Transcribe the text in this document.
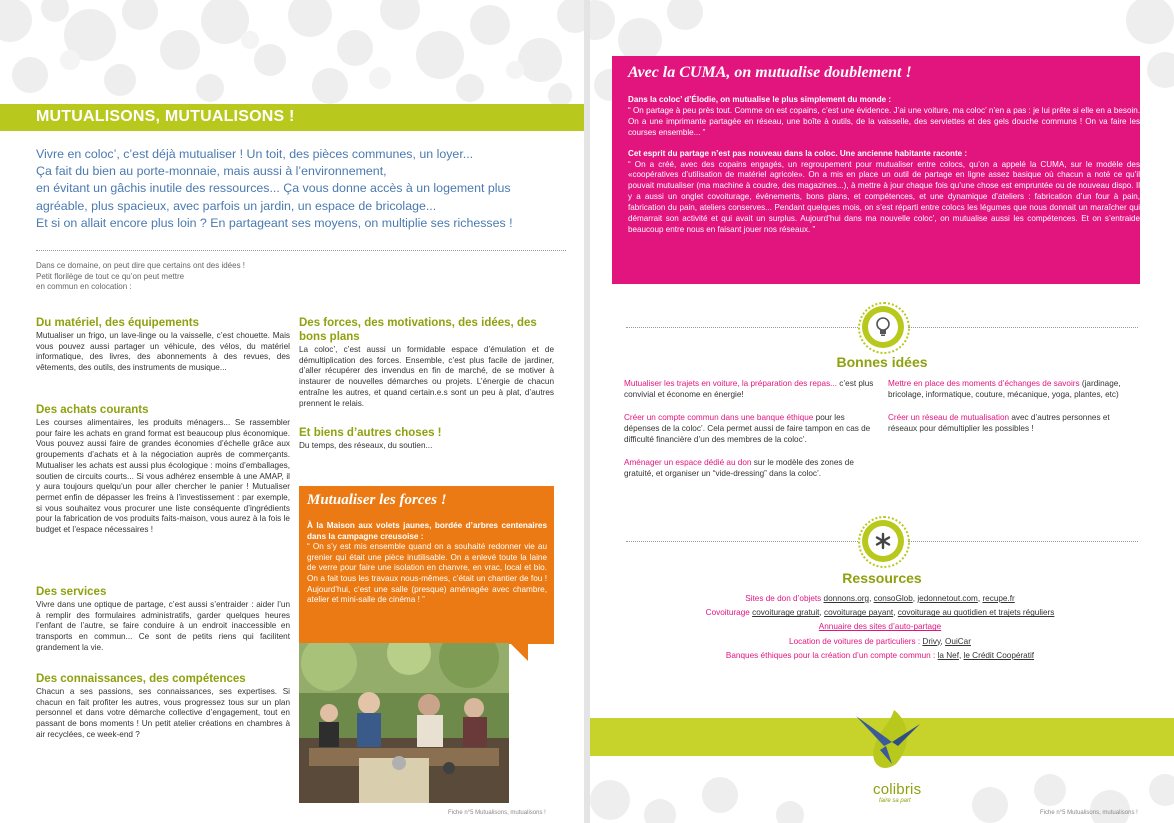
MUTUALISONS, MUTUALISONS !

Vivre en coloc’, c’est déjà mutualiser ! Un toit, des pièces communes, un loyer...

Ça fait du bien au porte-monnaie, mais aussi à l’environnement,

en évitant un gâchis inutile des ressources... Ça vous donne accès à un logement plus

agréable, plus spacieux, avec parfois un jardin, un espace de bricolage...

Et si on allait encore plus loin ? En partageant ses moyens, on multiplie ses richesses !

Dans ce domaine, on peut dire que certains ont des idées !

Petit florilège de tout ce qu’on peut mettre

en commun en colocation :

Du matériel, des équipements

Mutualiser un frigo, un lave-linge ou la vaisselle, c’est chouette. Mais vous pouvez aussi partager un véhicule, des vélos, du matériel informatique, des livres, des abonnements à des revues, des vêtements, des outils, des instruments de musique...

Des achats courants

Les courses alimentaires, les produits ménagers... Se rassembler pour faire les achats en grand format est beaucoup plus économique. Vous pouvez aussi faire de grandes économies d’échelle grâce aux groupements d’achats et à la négociation auprès de commerçants. Mutualiser les achats est aussi plus écologique : moins d’emballages, soutien de circuits courts... Si vous adhérez ensemble à une AMAP, il y aura toujours quelqu’un pour aller chercher le panier ! Mutualiser permet enfin de dépasser les freins à l’investissement : par exemple, si vous souhaitez vous procurer une liste conséquente d’ingrédients pour la fabrication de vos produits faits-maison, vous aurez à la fois le budget et l’espace nécessaires !

Des services

Vivre dans une optique de partage, c’est aussi s’entraider : aider l’un à remplir des formulaires administratifs, garder quelques heures l’enfant de l’autre, se faire conduire à un endroit inaccessible en transports en commun... Ce sont de petits riens qui facilitent grandement la vie.

Des connaissances, des compétences

Chacun a ses passions, ses connaissances, ses expertises. Si chacun en fait profiter les autres, vous progressez tous sur un plan personnel et dans votre démarche collective d’engagement, tout en passant de bons moments ! Un petit atelier créations en chambres à air recyclées, ce week-end ?

Des forces, des motivations, des idées, des bons plans

La coloc’, c’est aussi un formidable espace d’émulation et de démultiplication des forces. Ensemble, c’est plus facile de jardiner, d’aller récupérer des invendus en fin de marché, de se motiver à instaurer de nouvelles démarches ou projets. L’énergie de chacun entraîne les autres, et quand certain.e.s sont un peu à plat, d’autres prennent le relais.

Et biens d’autres choses !

Du temps, des réseaux, du soutien...

Mutualiser les forces !

À la Maison aux volets jaunes, bordée d’arbres centenaires dans la campagne creusoise :

“ On s’y est mis ensemble quand on a souhaité redonner vie au grenier qui était une pièce inutilisable. On a enlevé toute la laine de verre pour faire une isolation en chanvre, en vrac, local et bio. On a fait tous les travaux nous-mêmes, c’était un chantier de fou ! Aujourd’hui, c’est une salle (presque) aménagée avec chambre, atelier et mini-salle de cinéma ! ”

Fiche n°5 Mutualisons, mutualisons !
Avec la CUMA, on mutualise doublement !

Dans la coloc’ d’Élodie, on mutualise le plus simplement du monde :

“ On partage à peu près tout. Comme on est copains, c’est une évidence. J’ai une voiture, ma coloc’ n’en a pas : je lui prête si elle en a besoin. On a une imprimante partagée en réseau, une boîte à outils, de la vaisselle, des serviettes et des gels douche communs ! On va faire les courses ensemble... ”

Cet esprit du partage n’est pas nouveau dans la coloc. Une ancienne habitante raconte :

“ On a créé, avec des copains engagés, un regroupement pour mutualiser entre colocs, qu’on a appelé la CUMA, sur le modèle des «coopératives d’utilisation de matériel agricole». On a mis en place un outil de partage en ligne assez basique où chacun a noté ce qu’il pouvait mutualiser (ma machine à coudre, des magazines...), à mettre à jour chaque fois qu’une chose est empruntée ou de nouveau dispo. Il y a aussi un onglet covoiturage, événements, bons plans, et compétences, et une dynamique d’ateliers : fabrication d’un four à pain, fabrication du pain, ateliers conserves... Pendant quelques mois, on s’est réparti entre colocs les légumes que nous donnait un maraîcher qui démarrait son activité et qui avait un surplus. Aujourd’hui dans ma nouvelle coloc’, on mutualise aussi les compétences. Et on s’entraide beaucoup entre nous en faisant jouer nos réseaux. ”

Bonnes idées

Mutualiser les trajets en voiture, la préparation des repas... c’est plus convivial et économe en énergie!

Créer un compte commun dans une banque éthique pour les dépenses de la coloc’. Cela permet aussi de faire tampon en cas de difficulté financière d’un des membres de la coloc’.

Aménager un espace dédié au don sur le modèle des zones de gratuité, et organiser un “vide-dressing” dans la coloc’.

Mettre en place des moments d’échanges de savoirs (jardinage, bricolage, informatique, couture, mécanique, yoga, plantes, etc)

Créer un réseau de mutualisation avec d’autres personnes et réseaux pour démultiplier les possibles !

Ressources

Sites de don d’objets donnons.org, consoGlob, jedonnetout.com, recupe.fr

Covoiturage covoiturage gratuit, covoiturage payant, covoiturage au quotidien et trajets réguliers

Annuaire des sites d’auto-partage

Location de voitures de particuliers : Drivy, OuiCar

Banques éthiques pour la création d’un compte commun : la Nef, le Crédit Coopératif

colibris
faire sa part
Fiche n°5 Mutualisons, mutualisons !
